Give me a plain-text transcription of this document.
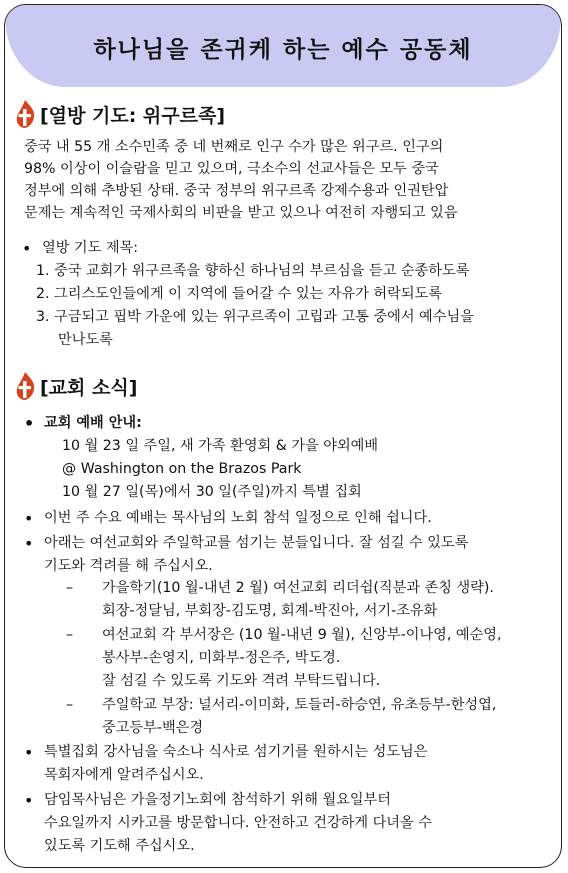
하나님을 존귀케 하는 예수 공동체
[열방 기도: 위구르족]
중국 내 55 개 소수민족 중 네 번째로 인구 수가 많은 위구르. 인구의
98% 이상이 이슬람을 믿고 있으며, 극소수의 선교사들은 모두 중국
정부에 의해 추방된 상태. 중국 정부의 위구르족 강제수용과 인권탄압
문제는 계속적인 국제사회의 비판을 받고 있으나 여전히 자행되고 있음
• 열방 기도 제목:
1. 중국 교회가 위구르족을 향하신 하나님의 부르심을 듣고 순종하도록
2. 그리스도인들에게 이 지역에 들어갈 수 있는 자유가 허락되도록
3. 구금되고 핍박 가운에 있는 위구르족이 고립과 고통 중에서 예수님을
만나도록
[교회 소식]
• 교회 예배 안내:
10 월 23 일 주일, 새 가족 환영회 & 가을 야외예배
@ Washington on the Brazos Park
10 월 27 일(목)에서 30 일(주일)까지 특별 집회
• 이번 주 수요 예배는 목사님의 노회 참석 일정으로 인해 쉽니다.
• 아래는 여선교회와 주일학교를 섬기는 분들입니다. 잘 섬길 수 있도록
기도와 격려를 해 주십시오.
– 가을학기(10 월-내년 2 월) 여선교회 리더쉽(직분과 존칭 생략).
회장-정달님, 부회장-김도명, 회계-박진아, 서기-조유화
– 여선교회 각 부서장은 (10 월-내년 9 월), 신앙부-이나영, 예순영,
봉사부-손영지, 미화부-정은주, 박도경.
잘 섬길 수 있도록 기도와 격려 부탁드립니다.
– 주일학교 부장: 널서리-이미화, 토들러-하승연, 유초등부-한성엽,
중고등부-백은경
• 특별집회 강사님을 숙소나 식사로 섬기기를 원하시는 성도님은
목회자에게 알려주십시오.
• 담임목사님은 가을정기노회에 참석하기 위해 월요일부터
수요일까지 시카고를 방문합니다. 안전하고 건강하게 다녀올 수
있도록 기도해 주십시오.
